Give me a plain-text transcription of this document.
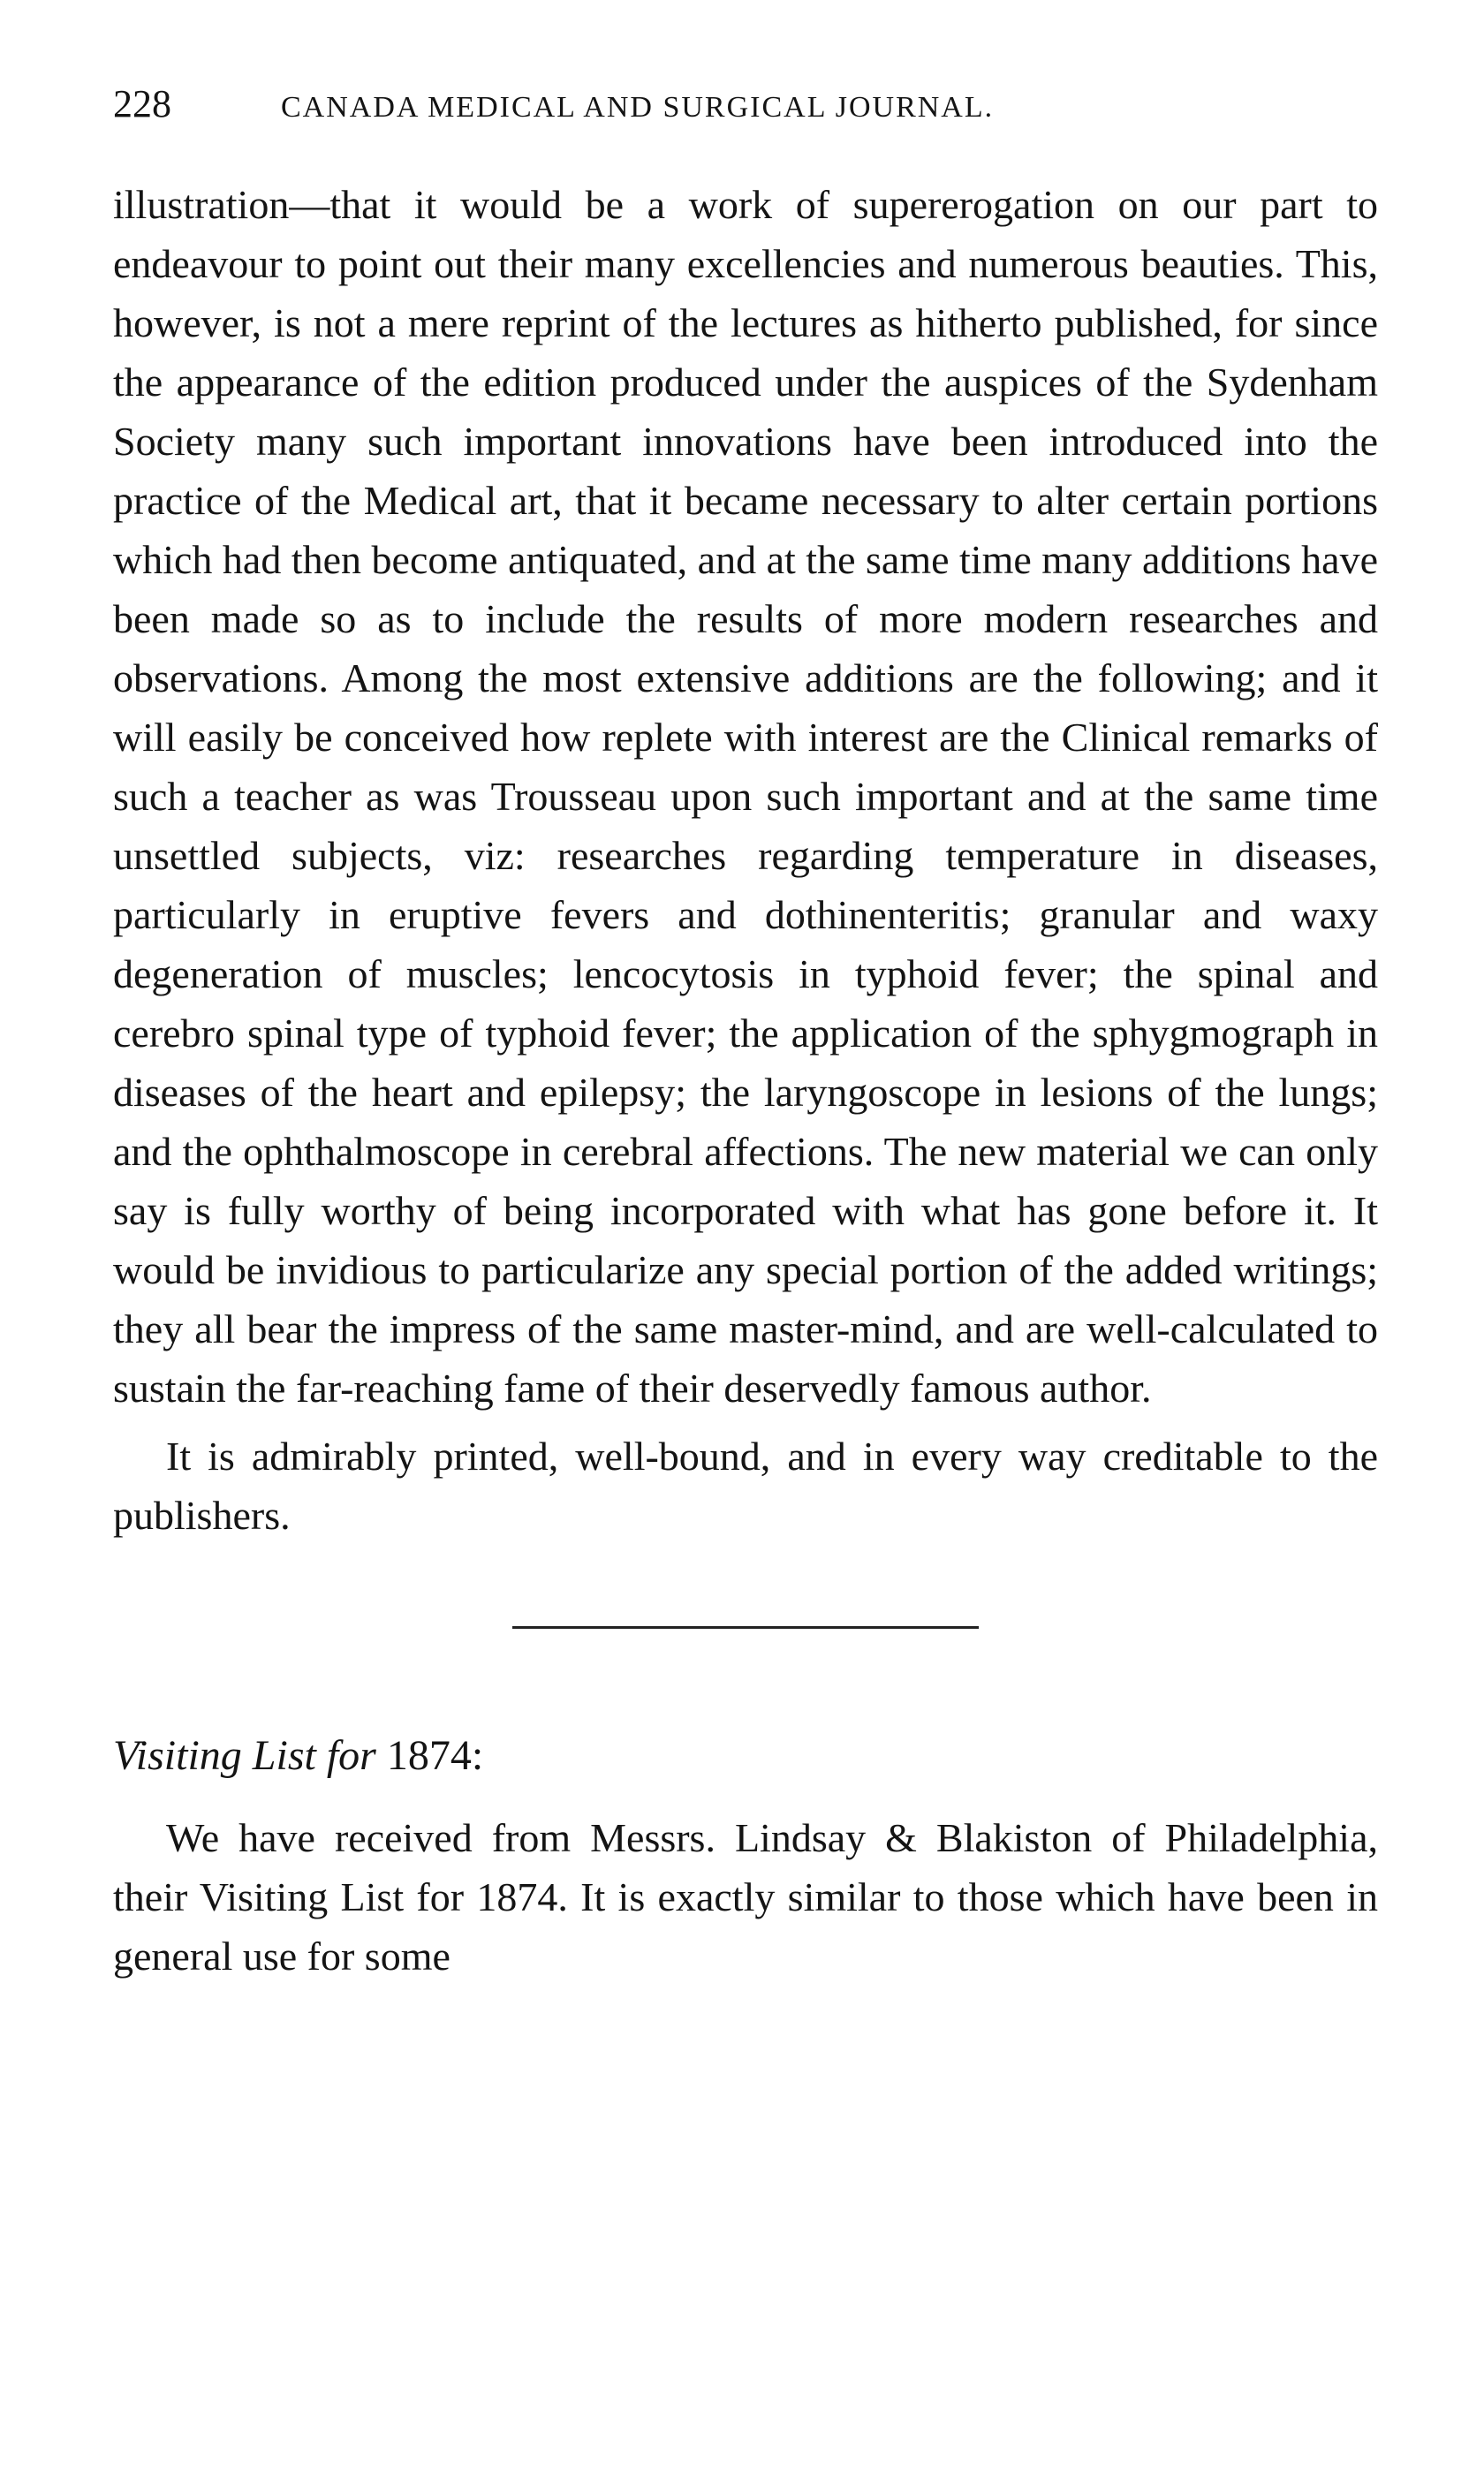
228	CANADA MEDICAL AND SURGICAL JOURNAL.

illustration—that it would be a work of supererogation on our part to endeavour to point out their many excellencies and numerous beauties. This, however, is not a mere reprint of the lectures as hitherto published, for since the appearance of the edition produced under the auspices of the Sydenham Society many such important innovations have been introduced into the practice of the Medical art, that it became necessary to alter certain portions which had then become antiquated, and at the same time many additions have been made so as to include the results of more modern researches and observations. Among the most extensive additions are the following; and it will easily be conceived how replete with interest are the Clinical remarks of such a teacher as was Trousseau upon such important and at the same time unsettled subjects, viz: researches regarding temperature in diseases, particularly in eruptive fevers and dothinenteritis; granular and waxy degeneration of muscles; lencocytosis in typhoid fever; the spinal and cerebro spinal type of typhoid fever; the application of the sphygmograph in diseases of the heart and epilepsy; the laryngoscope in lesions of the lungs; and the ophthalmoscope in cerebral affections. The new material we can only say is fully worthy of being incorporated with what has gone before it. It would be invidious to particularize any special portion of the added writings; they all bear the impress of the same master-mind, and are well-calculated to sustain the far-reaching fame of their deservedly famous author.

It is admirably printed, well-bound, and in every way creditable to the publishers.

Visiting List for 1874:

We have received from Messrs. Lindsay & Blakiston of Philadelphia, their Visiting List for 1874. It is exactly similar to those which have been in general use for some
